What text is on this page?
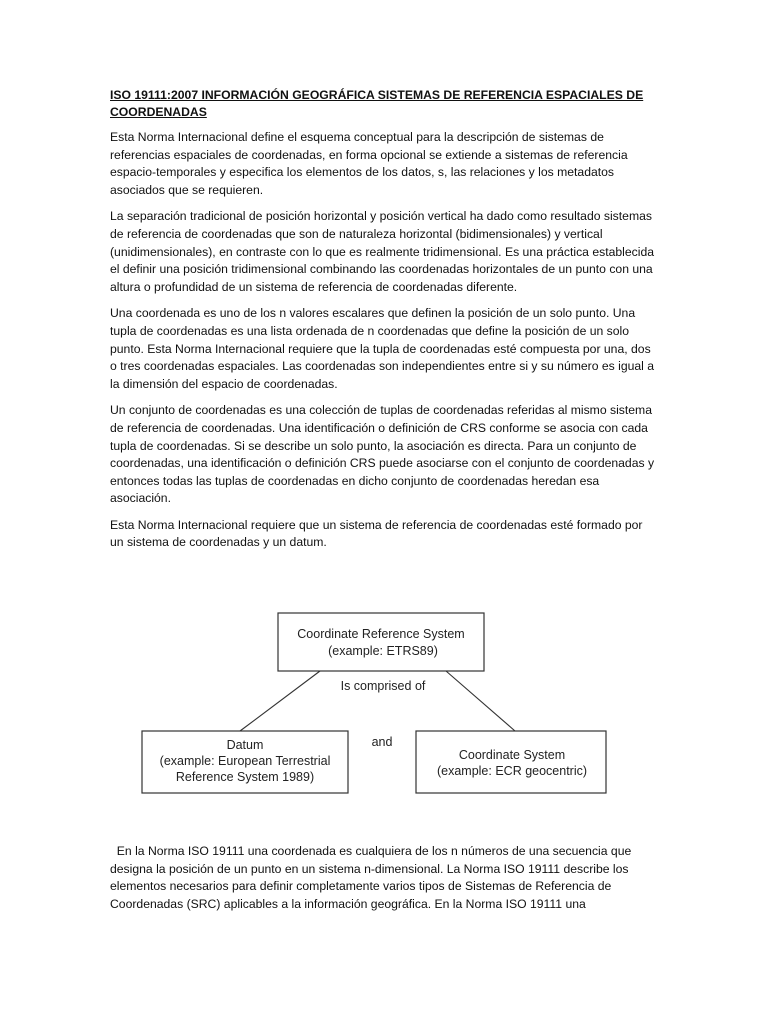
ISO 19111:2007 INFORMACIÓN GEOGRÁFICA SISTEMAS DE REFERENCIA ESPACIALES DE COORDENADAS

Esta Norma Internacional define el esquema conceptual para la descripción de sistemas de referencias espaciales de coordenadas, en forma opcional se extiende a sistemas de referencia espacio-temporales y especifica los elementos de los datos, s, las relaciones y los metadatos asociados que se requieren.

La separación tradicional de posición horizontal y posición vertical ha dado como resultado sistemas de referencia de coordenadas que son de naturaleza horizontal (bidimensionales) y vertical (unidimensionales), en contraste con lo que es realmente tridimensional. Es una práctica establecida el definir una posición tridimensional combinando las coordenadas horizontales de un punto con una altura o profundidad de un sistema de referencia de coordenadas diferente.

Una coordenada es uno de los n valores escalares que definen la posición de un solo punto. Una tupla de coordenadas es una lista ordenada de n coordenadas que define la posición de un solo punto. Esta Norma Internacional requiere que la tupla de coordenadas esté compuesta por una, dos o tres coordenadas espaciales. Las coordenadas son independientes entre si y su número es igual a la dimensión del espacio de coordenadas.

Un conjunto de coordenadas es una colección de tuplas de coordenadas referidas al mismo sistema de referencia de coordenadas. Una identificación o definición de CRS conforme se asocia con cada tupla de coordenadas. Si se describe un solo punto, la asociación es directa. Para un conjunto de coordenadas, una identificación o definición CRS puede asociarse con el conjunto de coordenadas y entonces todas las tuplas de coordenadas en dicho conjunto de coordenadas heredan esa asociación.

Esta Norma Internacional requiere que un sistema de referencia de coordenadas esté formado por un sistema de coordenadas y un datum.

Coordinate Reference System
(example: ETRS89)
Is comprised of
and
Datum
(example: European Terrestrial
Reference System 1989)
Coordinate System
(example: ECR geocentric)

En la Norma ISO 19111 una coordenada es cualquiera de los n números de una secuencia que designa la posición de un punto en un sistema n-dimensional. La Norma ISO 19111 describe los elementos necesarios para definir completamente varios tipos de Sistemas de Referencia de Coordenadas (SRC) aplicables a la información geográfica. En la Norma ISO 19111 una
